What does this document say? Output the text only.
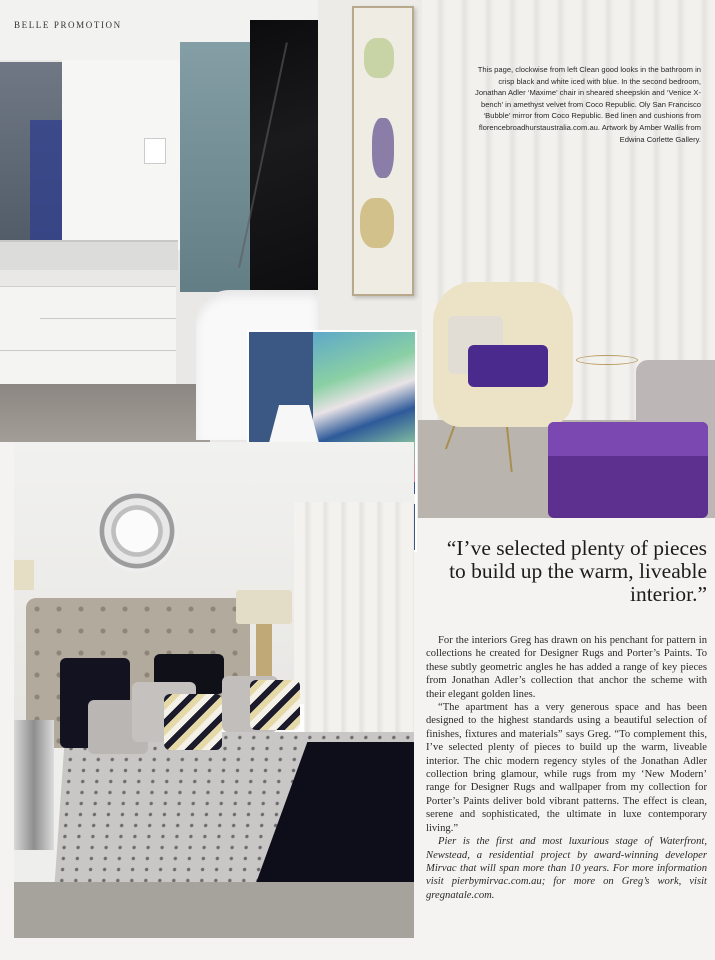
BELLE PROMOTION
This page, clockwise from left Clean good looks in the bathroom in crisp black and white iced with blue. In the second bedroom, Jonathan Adler ‘Maxime’ chair in sheared sheepskin and ‘Venice X-bench’ in amethyst velvet from Coco Republic. Oly San Francisco ‘Bubble’ mirror from Coco Republic. Bed linen and cushions from florencebroadhurstaustralia.com.au. Artwork by Amber Wallis from Edwina Corlette Gallery.
“I’ve selected plenty of pieces to build up the warm, liveable interior.”

For the interiors Greg has drawn on his penchant for pattern in collections he created for Designer Rugs and Porter’s Paints. To these subtly geometric angles he has added a range of key pieces from Jonathan Adler’s collection that anchor the scheme with their elegant golden lines.

“The apartment has a very generous space and has been designed to the highest standards using a beautiful selection of finishes, fixtures and materials” says Greg. “To complement this, I’ve selected plenty of pieces to build up the warm, liveable interior. The chic modern regency styles of the Jonathan Adler collection bring glamour, while rugs from my ‘New Modern’ range for Designer Rugs and wallpaper from my collection for Porter’s Paints deliver bold vibrant patterns. The effect is clean, serene and sophisticated, the ultimate in luxe contemporary living.”

Pier is the first and most luxurious stage of Waterfront, Newstead, a residential project by award-winning developer Mirvac that will span more than 10 years. For more information visit pierbymirvac.com.au; for more on Greg’s work, visit gregnatale.com.
